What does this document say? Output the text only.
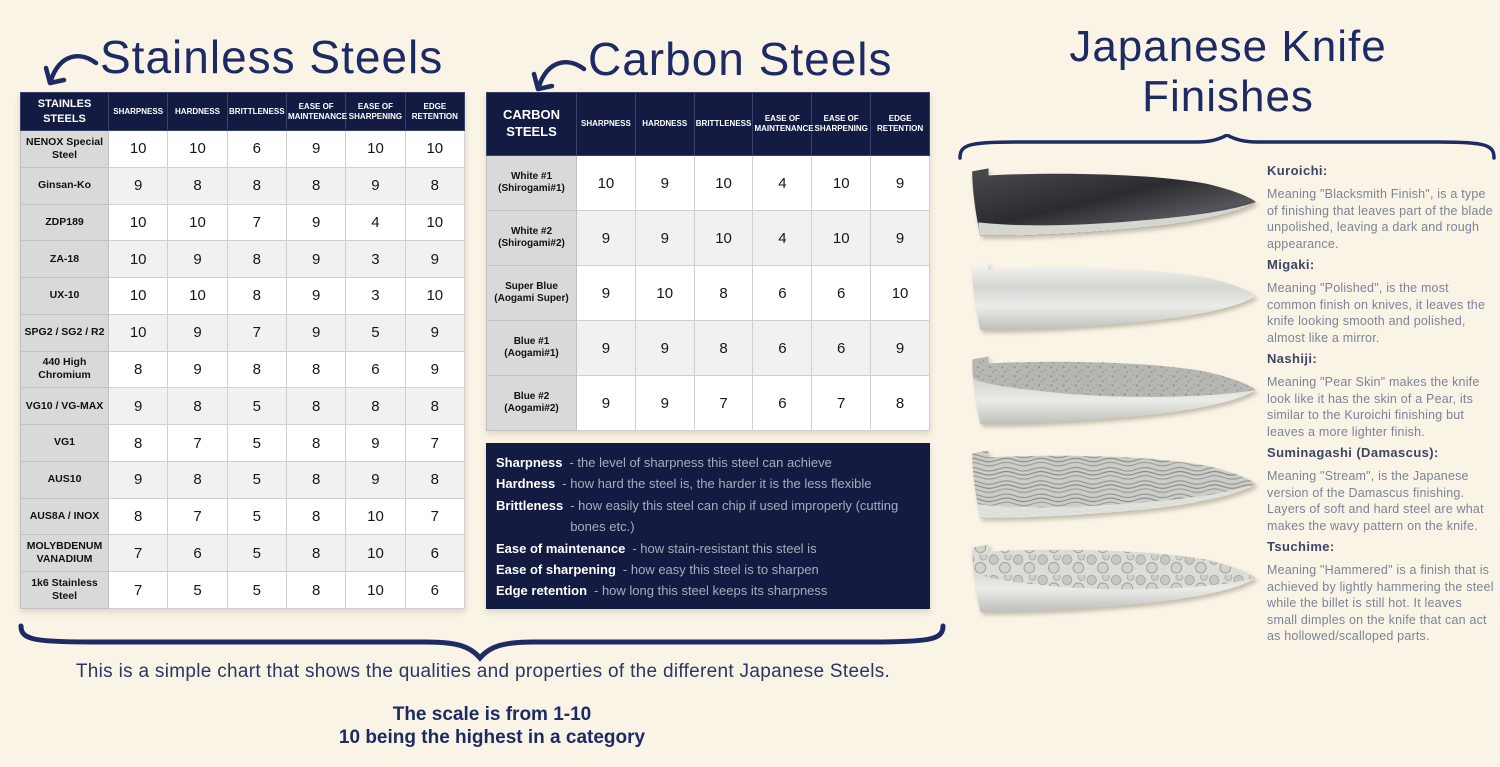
Stainless Steels
STAINLES STEELS	SHARPNESS	HARDNESS	BRITTLENESS	EASE OF MAINTENANCE	EASE OF SHARPENING	EDGE RETENTION
NENOX Special Steel	10	10	6	9	10	10
Ginsan-Ko	9	8	8	8	9	8
ZDP189	10	10	7	9	4	10
ZA-18	10	9	8	9	3	9
UX-10	10	10	8	9	3	10
SPG2 / SG2 / R2	10	9	7	9	5	9
440 High Chromium	8	9	8	8	6	9
VG10 / VG-MAX	9	8	5	8	8	8
VG1	8	7	5	8	9	7
AUS10	9	8	5	8	9	8
AUS8A / INOX	8	7	5	8	10	7
MOLYBDENUM VANADIUM	7	6	5	8	10	6
1k6 Stainless Steel	7	5	5	8	10	6
Carbon Steels
CARBON STEELS	SHARPNESS	HARDNESS	BRITTLENESS	EASE OF MAINTENANCE	EASE OF SHARPENING	EDGE RETENTION
White #1 (Shirogami#1)	10	9	10	4	10	9
White #2 (Shirogami#2)	9	9	10	4	10	9
Super Blue (Aogami Super)	9	10	8	6	6	10
Blue #1 (Aogami#1)	9	9	8	6	6	9
Blue #2 (Aogami#2)	9	9	7	6	7	8
Sharpness - the level of sharpness this steel can achieve
Hardness - how hard the steel is, the harder it is the less flexible
Brittleness - how easily this steel can chip if used improperly (cutting bones etc.)
Ease of maintenance - how stain-resistant this steel is
Ease of sharpening - how easy this steel is to sharpen
Edge retention - how long this steel keeps its sharpness
Japanese Knife
Finishes
Kuroichi:

Meaning "Blacksmith Finish", is a type of finishing that leaves part of the blade unpolished, leaving a dark and rough appearance.

Migaki:

Meaning "Polished", is the most common finish on knives, it leaves the knife looking smooth and polished, almost like a mirror.

Nashiji:

Meaning "Pear Skin" makes the knife look like it has the skin of a Pear, its similar to the Kuroichi finishing but leaves a more lighter finish.

Suminagashi (Damascus):

Meaning "Stream", is the Japanese version of the Damascus finishing. Layers of soft and hard steel are what makes the wavy pattern on the knife.

Tsuchime:

Meaning "Hammered" is a finish that is achieved by lightly hammering the steel while the billet is still hot. It leaves small dimples on the knife that can act as hollowed/scalloped parts.

This is a simple chart that shows the qualities and properties of the different Japanese Steels.
The scale is from 1-10
10 being the highest in a category
